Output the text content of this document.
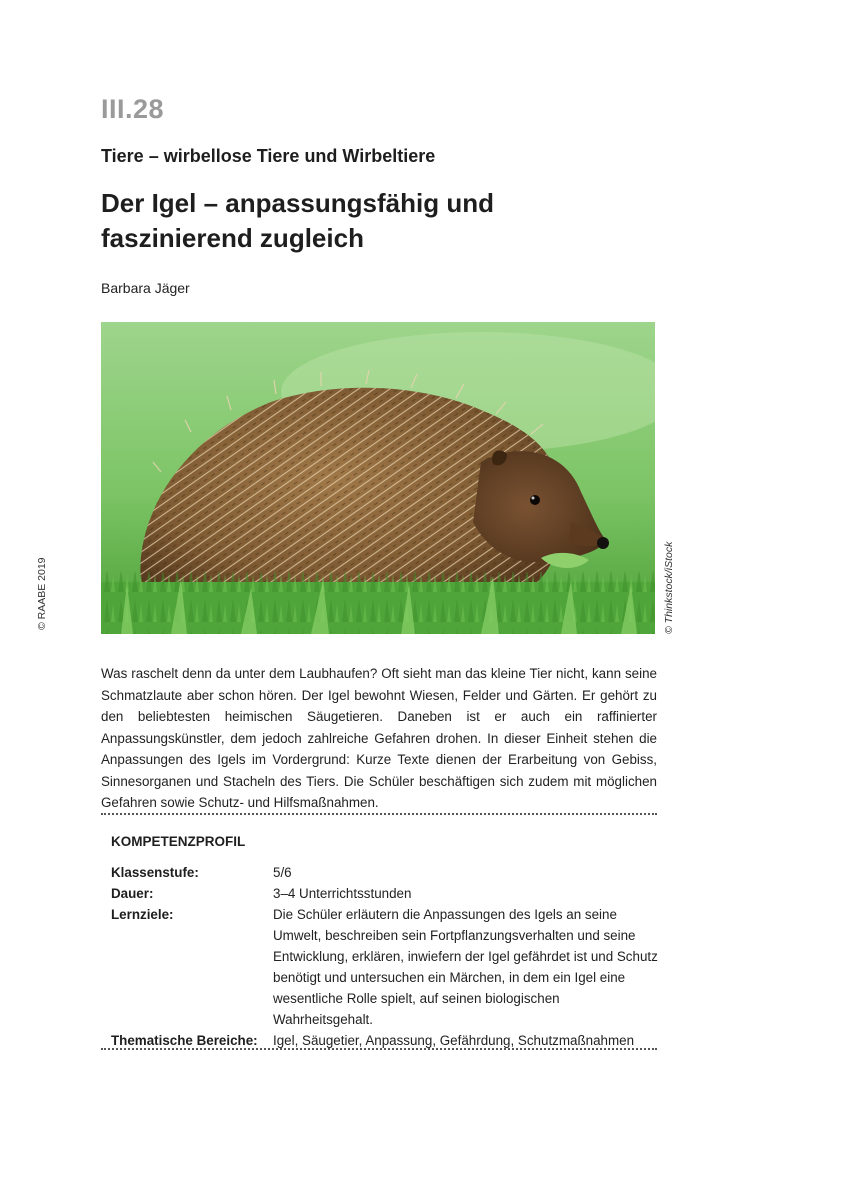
III.28
Tiere – wirbellose Tiere und Wirbeltiere
Der Igel – anpassungsfähig und
faszinierend zugleich
Barbara Jäger
© Thinkstock/iStock
© RAABE 2019

Was raschelt denn da unter dem Laubhaufen? Oft sieht man das kleine Tier nicht, kann seine Schmatzlaute aber schon hören. Der Igel bewohnt Wiesen, Felder und Gärten. Er gehört zu den beliebtesten heimischen Säugetieren. Daneben ist er auch ein raffinierter Anpassungskünstler, dem jedoch zahlreiche Gefahren drohen. In dieser Einheit stehen die Anpassungen des Igels im Vordergrund: Kurze Texte dienen der Erarbeitung von Gebiss, Sinnesorganen und Stacheln des Tiers. Die Schüler beschäftigen sich zudem mit möglichen Gefahren sowie Schutz- und Hilfsmaßnahmen.

KOMPETENZPROFIL
Klassenstufe:	5/6
Dauer:	3–4 Unterrichtsstunden
Lernziele:	Die Schüler erläutern die Anpassungen des Igels an seine Umwelt, beschreiben sein Fortpflanzungsverhalten und seine Entwicklung, erklären, inwiefern der Igel gefährdet ist und Schutz benötigt und untersuchen ein Märchen, in dem ein Igel eine wesentliche Rolle spielt, auf seinen biologischen Wahrheitsgehalt.
Thematische Bereiche:	Igel, Säugetier, Anpassung, Gefährdung, Schutzmaßnahmen
